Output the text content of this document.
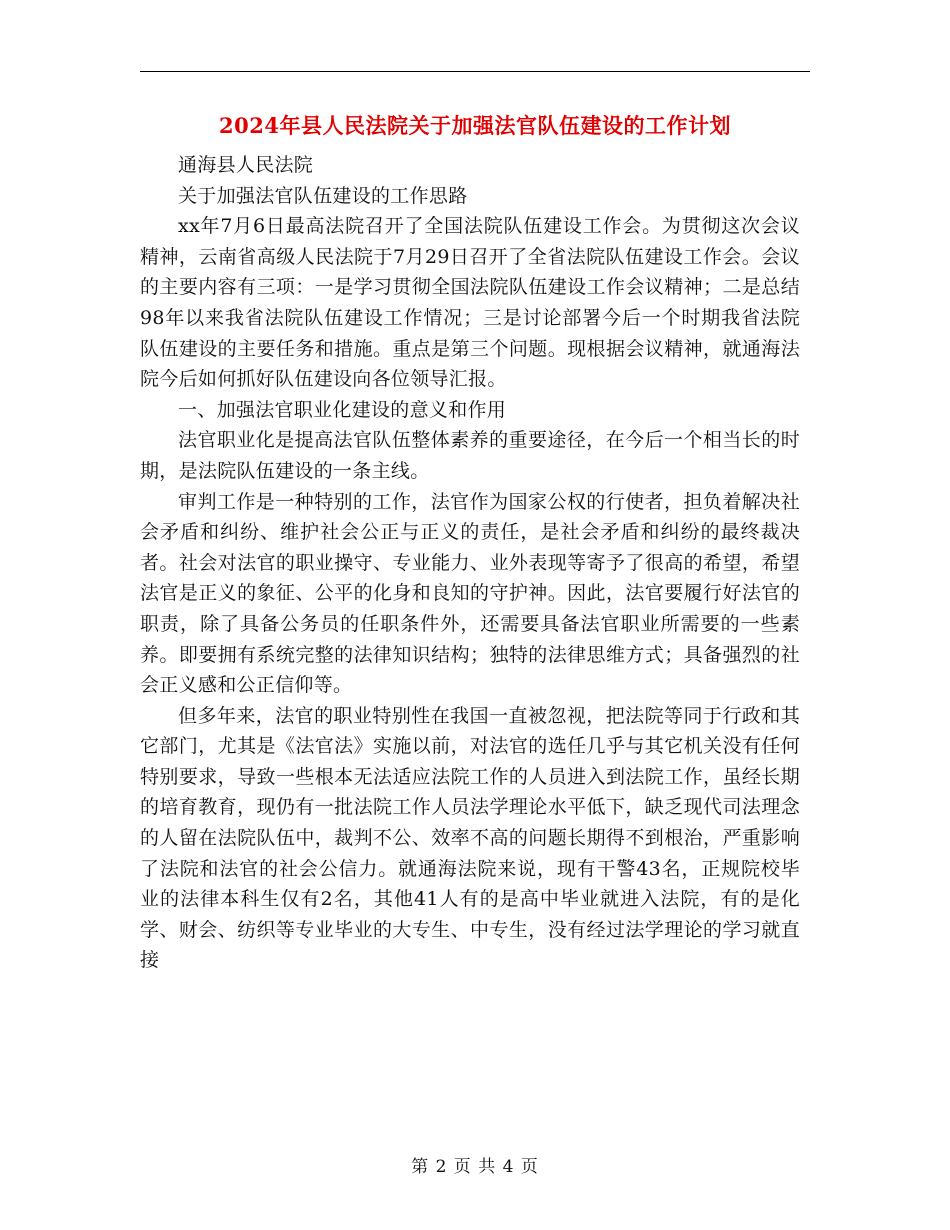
2024年县人民法院关于加强法官队伍建设的工作计划

通海县人民法院

关于加强法官队伍建设的工作思路

xx年7月6日最高法院召开了全国法院队伍建设工作会。为贯彻这次会议精神，云南省高级人民法院于7月29日召开了全省法院队伍建设工作会。会议的主要内容有三项：一是学习贯彻全国法院队伍建设工作会议精神；二是总结98年以来我省法院队伍建设工作情况；三是讨论部署今后一个时期我省法院队伍建设的主要任务和措施。重点是第三个问题。现根据会议精神，就通海法院今后如何抓好队伍建设向各位领导汇报。

一、加强法官职业化建设的意义和作用

法官职业化是提高法官队伍整体素养的重要途径，在今后一个相当长的时期，是法院队伍建设的一条主线。

审判工作是一种特别的工作，法官作为国家公权的行使者，担负着解决社会矛盾和纠纷、维护社会公正与正义的责任，是社会矛盾和纠纷的最终裁决者。社会对法官的职业操守、专业能力、业外表现等寄予了很高的希望，希望法官是正义的象征、公平的化身和良知的守护神。因此，法官要履行好法官的职责，除了具备公务员的任职条件外，还需要具备法官职业所需要的一些素养。即要拥有系统完整的法律知识结构；独特的法律思维方式；具备强烈的社会正义感和公正信仰等。

但多年来，法官的职业特别性在我国一直被忽视，把法院等同于行政和其它部门，尤其是《法官法》实施以前，对法官的选任几乎与其它机关没有任何特别要求，导致一些根本无法适应法院工作的人员进入到法院工作，虽经长期的培育教育，现仍有一批法院工作人员法学理论水平低下，缺乏现代司法理念的人留在法院队伍中，裁判不公、效率不高的问题长期得不到根治，严重影响了法院和法官的社会公信力。就通海法院来说，现有干警43名，正规院校毕业的法律本科生仅有2名，其他41人有的是高中毕业就进入法院，有的是化学、财会、纺织等专业毕业的大专生、中专生，没有经过法学理论的学习就直接

第 2 页 共 4 页
